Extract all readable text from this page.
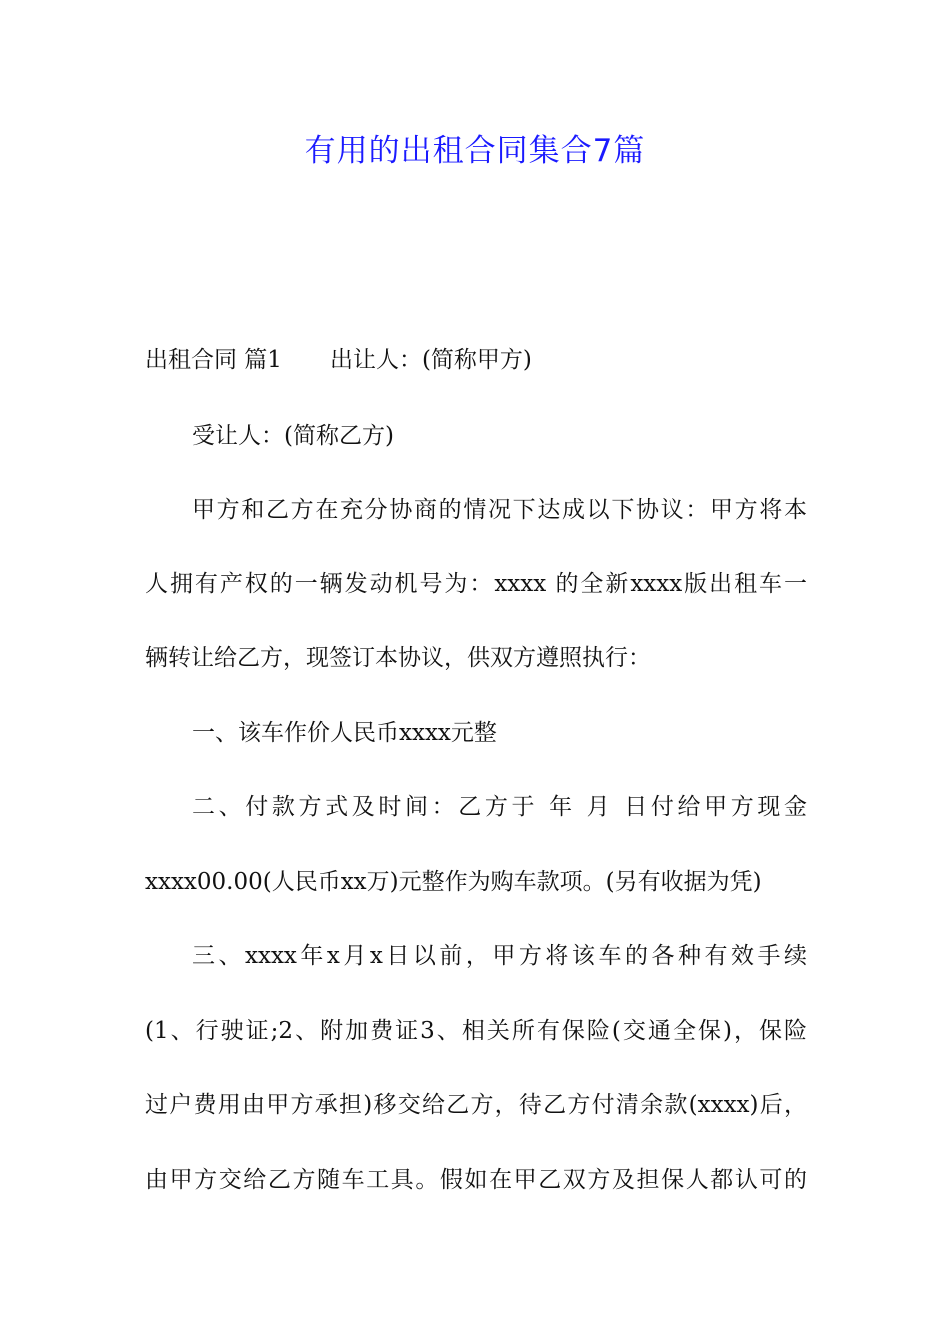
有用的出租合同集合7篇
出租合同 篇1 出让人：(简称甲方)
受让人：(简称乙方)
甲方和乙方在充分协商的情况下达成以下协议：甲方将本
人拥有产权的一辆发动机号为：xxxx 的全新xxxx版出租车一
辆转让给乙方，现签订本协议，供双方遵照执行：
一、该车作价人民币xxxx元整
二、付款方式及时间：乙方于 年 月 日付给甲方现金
xxxx00.00(人民币xx万)元整作为购车款项。(另有收据为凭)
三、xxxx年x月x日以前，甲方将该车的各种有效手续
(1、行驶证;2、附加费证3、相关所有保险(交通全保)，保险
过户费用由甲方承担)移交给乙方，待乙方付清余款(xxxx)后，
由甲方交给乙方随车工具。假如在甲乙双方及担保人都认可的
